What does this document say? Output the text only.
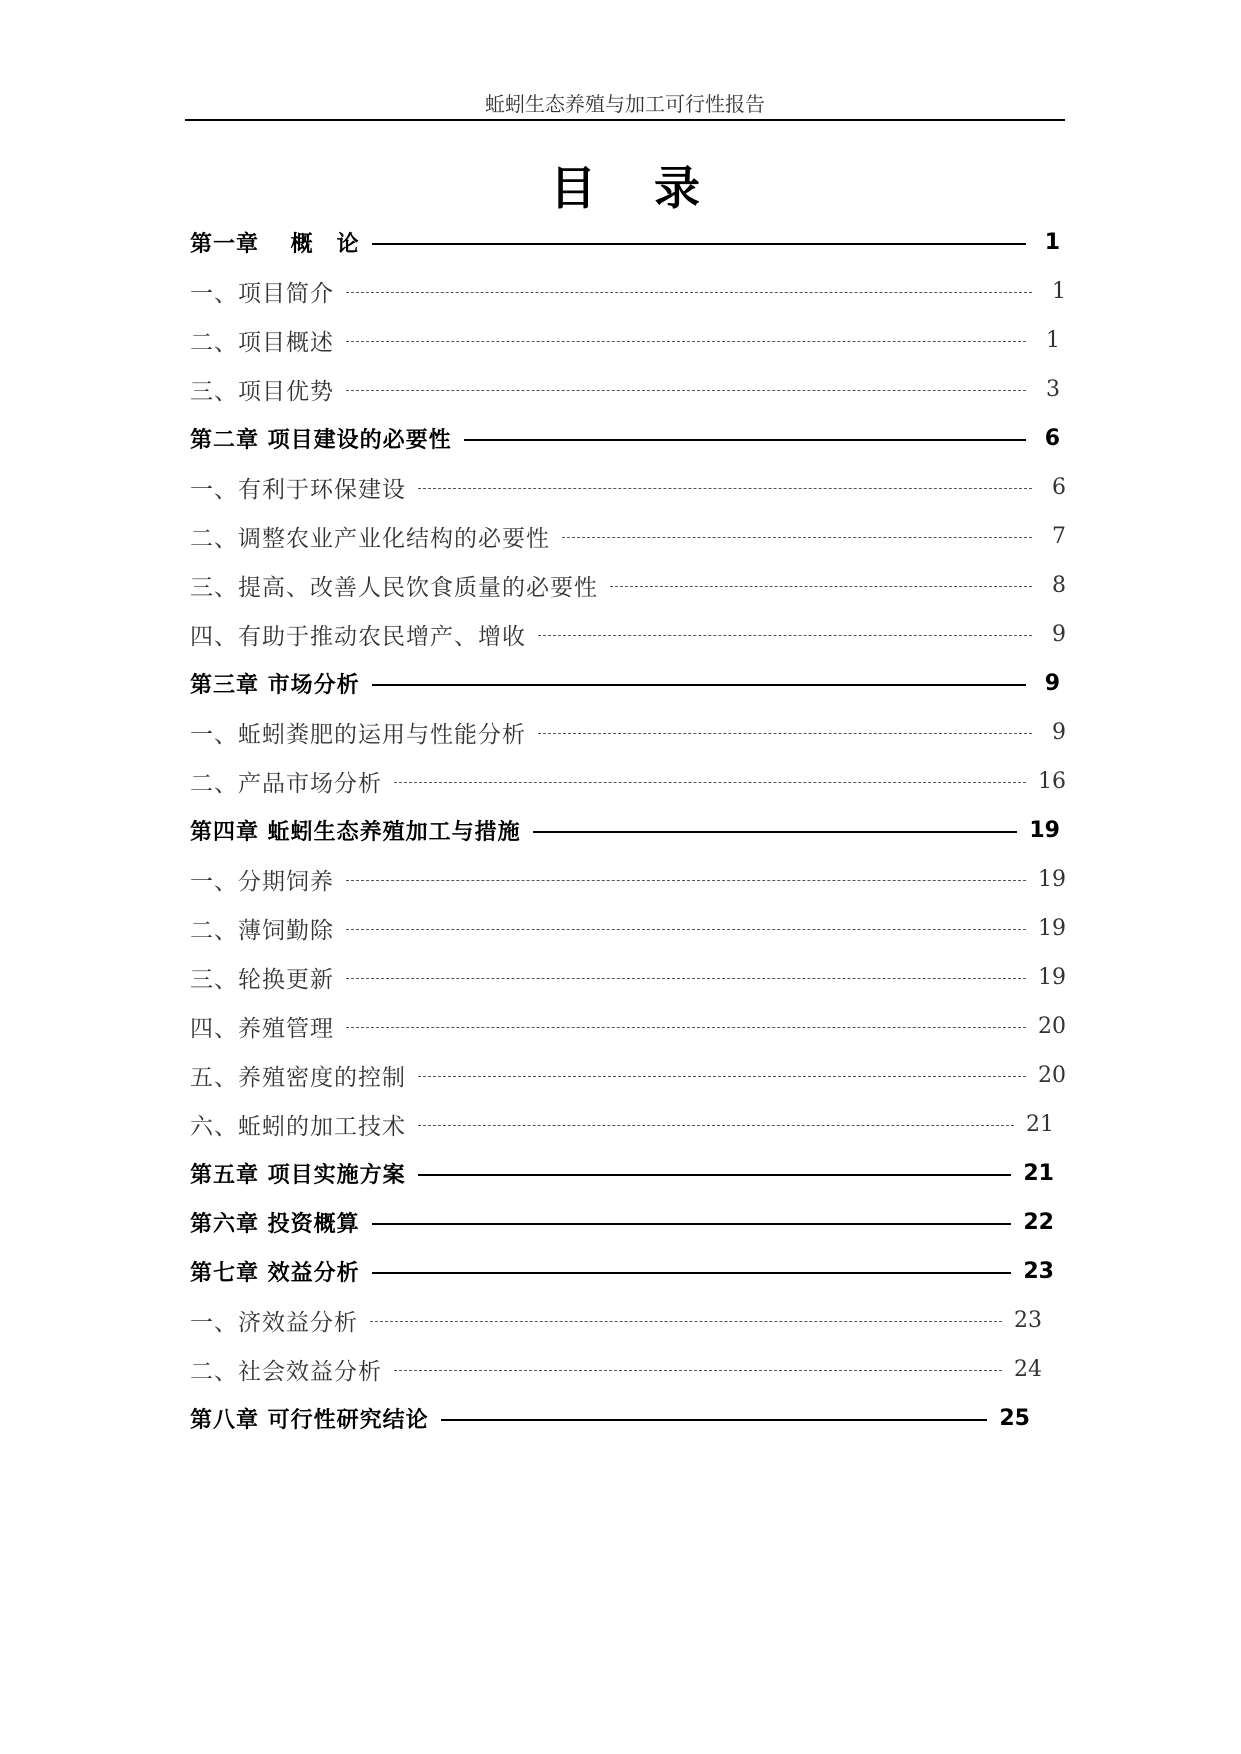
蚯蚓生态养殖与加工可行性报告
目录
第一章　 概　论	1
一、项目简介	1
二、项目概述	1
三、项目优势	3
第二章 项目建设的必要性	6
一、有利于环保建设	6
二、调整农业产业化结构的必要性	7
三、提高、改善人民饮食质量的必要性	8
四、有助于推动农民增产、增收	9
第三章 市场分析	9
一、蚯蚓粪肥的运用与性能分析	9
二、产品市场分析	16
第四章 蚯蚓生态养殖加工与措施	19
一、分期饲养	19
二、薄饲勤除	19
三、轮换更新	19
四、养殖管理	20
五、养殖密度的控制	20
六、蚯蚓的加工技术	21
第五章 项目实施方案	21
第六章 投资概算	22
第七章 效益分析	23
一、济效益分析	23
二、社会效益分析	24
第八章 可行性研究结论	25
